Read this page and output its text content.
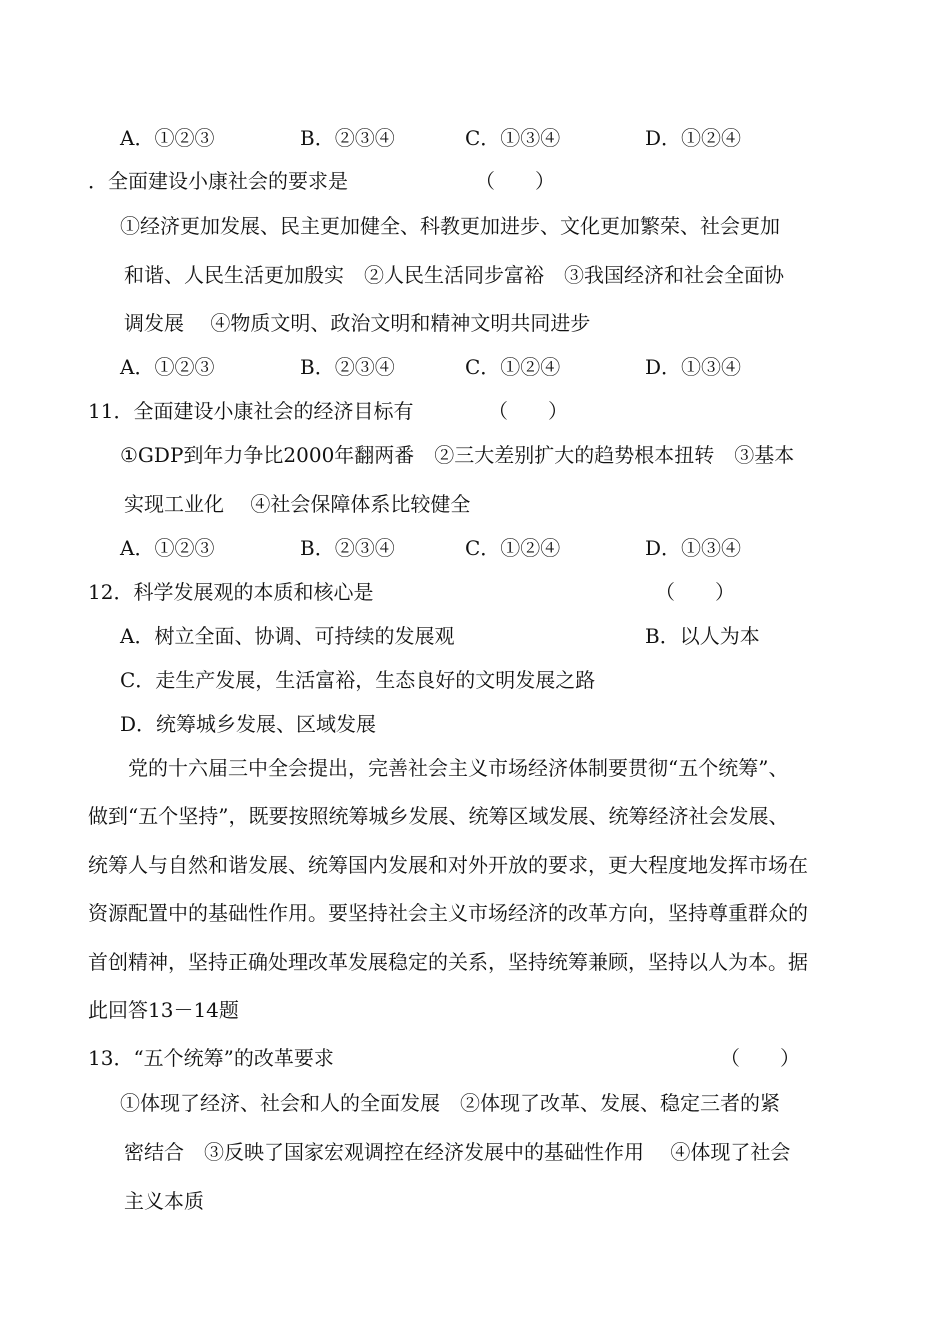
A．①②③	B．②③④	C．①③④	D．①②④
．全面建设小康社会的要求是	（　　）
①经济更加发展、民主更加健全、科教更加进步、文化更加繁荣、社会更加
和谐、人民生活更加殷实　②人民生活同步富裕　③我国经济和社会全面协
调发展　 ④物质文明、政治文明和精神文明共同进步
A．①②③	B．②③④	C．①②④	D．①③④
11．全面建设小康社会的经济目标有	（　　）
①GDP到年力争比2000年翻两番　②三大差别扩大的趋势根本扭转　③基本
实现工业化　 ④社会保障体系比较健全
A．①②③	B．②③④	C．①②④	D．①③④
12．科学发展观的本质和核心是	（　　）
A．树立全面、协调、可持续的发展观	B．以人为本
C．走生产发展，生活富裕，生态良好的文明发展之路
D．统筹城乡发展、区域发展
党的十六届三中全会提出，完善社会主义市场经济体制要贯彻“五个统筹”、
做到“五个坚持”，既要按照统筹城乡发展、统筹区域发展、统筹经济社会发展、
统筹人与自然和谐发展、统筹国内发展和对外开放的要求，更大程度地发挥市场在
资源配置中的基础性作用。要坚持社会主义市场经济的改革方向，坚持尊重群众的
首创精神，坚持正确处理改革发展稳定的关系，坚持统筹兼顾，坚持以人为本。据
此回答13－14题
13．“五个统筹”的改革要求	（　　）
①体现了经济、社会和人的全面发展　②体现了改革、发展、稳定三者的紧
密结合　③反映了国家宏观调控在经济发展中的基础性作用　 ④体现了社会
主义本质
